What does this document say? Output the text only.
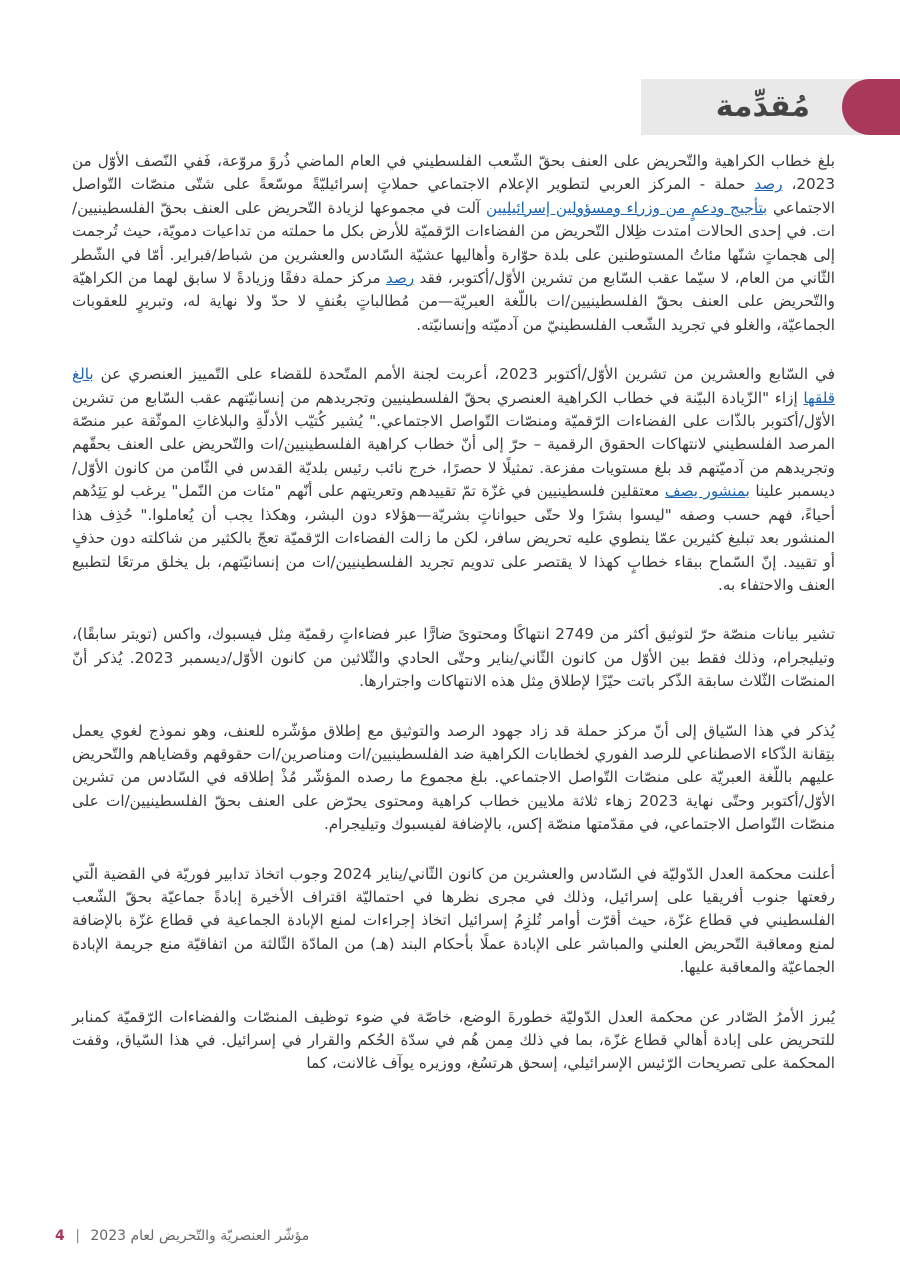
مُقدِّمة

بلغ خطاب الكراهية والتّحريض على العنف بحقّ الشّعب الفلسطيني في العام الماضي ذُروً مروّعة، فَفي النّصف الأوّل من 2023، رصد حملة - المركز العربي لتطوير الإعلام الاجتماعي حملاتٍ إسرائيليّةً موسّعةً على شتّى منصّات التّواصل الاجتماعي بتأجيج ودعمٍ من وزراء ومسؤولين إسرائيليين آلت في مجموعها لزيادة التّحريض على العنف بحقّ الفلسطينيين/ات. في إحدى الحالات امتدت ظِلال التّحريض من الفضاءات الرّقميّة للأرض بكل ما حملته من تداعيات دمويّة، حيث تُرجمت إلى هجماتٍ شنّها مئاتُ المستوطنين على بلدة حوّارة وأهاليها عشيّة السّادس والعشرين من شباط/فبراير. أمّا في الشّطر الثّاني من العام، لا سيّما عقب السّابع من تشرين الأوّل/أكتوبر، فقد رصد مركز حملة دفقًا وزيادةً لا سابق لهما من الكراهيّة والتّحريض على العنف بحقّ الفلسطينيين/ات باللّغة العبريّة—من مُطالباتٍ بعُنفٍ لا حدّ ولا نهاية له، وتبريرٍ للعقوبات الجماعيّة، والغلو في تجريد الشّعب الفلسطينيّ من آدميّته وإنسانيّته.

في السّابع والعشرين من تشرين الأوّل/أكتوبر 2023، أعربت لجنة الأمم المتّحدة للقضاء على التّمييز العنصري عن بالغ قلقها إزاء "الزّيادة البيّنة في خطاب الكراهية العنصري بحقّ الفلسطينيين وتجريدهم من إنسانيّتهم عقب السّابع من تشرين الأوّل/أكتوبر بالذّات على الفضاءات الرّقميّة ومنصّات التّواصل الاجتماعي." يُشير كُتيّب الأدلّةِ والبلاغاتِ الموثّقة عبر منصّة المرصد الفلسطيني لانتهاكات الحقوق الرقمية – حرّ إلى أنّ خطاب كراهية الفلسطينيين/ات والتّحريض على العنف بحقّهم وتجريدهم من آدميّتهم قد بلغ مستويات مفزعة. تمثيلًا لا حصرًا، خرج نائب رئيس بلديّة القدس في الثّامن من كانون الأوّل/ديسمبر علينا بمنشور يصف معتقلين فلسطينيين في غزّة تمّ تقييدهم وتعريتهم على أنّهم "مئات من النّمل" يرغب لو يَئِدُهم أحياءً، فهم حسب وصفه "ليسوا بشرًا ولا حتّى حيواناتٍ بشريّة—هؤلاء دون البشر، وهكذا يجب أن يُعاملوا." حُذِف هذا المنشور بعد تبليغ كثيرين عمّا ينطوي عليه تحريض سافر، لكن ما زالت الفضاءات الرّقميّة تعجّ بالكثير من شاكلته دون حذفٍ أو تقييد. إنّ السّماح ببقاء خطابٍ كهذا لا يقتصر على تدويم تجريد الفلسطينيين/ات من إنسانيّتهم، بل يخلق مرتعًا لتطبيع العنف والاحتفاء به.

تشير بيانات منصّة حرّ لتوثيق أكثر من 2749 انتهاكًا ومحتوىً ضارًّا عبر فضاءاتٍ رقميّة مِثل فيسبوك، واكس (تويتر سابقًا)، وتيليجرام، وذلك فقط بين الأوّل من كانون الثّاني/يناير وحتّى الحادي والثّلاثين من كانون الأوّل/ديسمبر 2023. يُذكر أنّ المنصّات الثّلاث سابقة الذّكر باتت حيّزًا لإطلاق مِثل هذه الانتهاكات واجترارها.

يُذكر في هذا السّياق إلى أنّ مركز حملة قد زاد جهود الرصد والتوثيق مع إطلاق مؤشّره للعنف، وهو نموذج لغوي يعمل بتِقانة الذّكاء الاصطناعي للرصد الفوري لخطابات الكراهية ضد الفلسطينيين/ات ومناصرين/ات حقوقهم وقضاياهم والتّحريض عليهم باللّغة العبريّة على منصّات التّواصل الاجتماعي. بلغ مجموع ما رصده المؤشّر مُذْ إطلاقه في السّادس من تشرين الأوّل/أكتوبر وحتّى نهاية 2023 زهاء ثلاثة ملايين خطاب كراهية ومحتوى يحرّض على العنف بحقّ الفلسطينيين/ات على منصّات التّواصل الاجتماعي، في مقدّمتها منصّة إكس، بالإضافة لفيسبوك وتيليجرام.

أعلنت محكمة العدل الدّوليّة في السّادس والعشرين من كانون الثّاني/يناير 2024 وجوب اتخاذ تدابير فوريّة في القضية الّتي رفعتها جنوب أفريقيا على إسرائيل، وذلك في مجرى نظرها في احتماليّة اقتراف الأخيرة إبادةً جماعيّة بحقّ الشّعب الفلسطيني في قطاع غزّة، حيث أقرّت أوامر تُلزِمُ إسرائيل اتخاذ إجراءات لمنع الإبادة الجماعية في قطاع غزّة بالإضافة لمنع ومعاقبة التّحريض العلني والمباشر على الإبادة عملًا بأحكام البند (هـ) من المادّة الثّالثة من اتفاقيّة منع جريمة الإبادة الجماعيّة والمعاقبة عليها.

يُبرز الأمرُ الصّادر عن محكمة العدل الدّوليّة خطورةَ الوضع، خاصّة في ضوء توظيف المنصّات والفضاءات الرّقميّة كمنابر للتحريض على إبادة أهالي قطاع غزّة، بما في ذلك مِمن هُم في سدّة الحُكم والقرار في إسرائيل. في هذا السّياق، وقفت المحكمة على تصريحات الرّئيس الإسرائيلي، إسحق هرتسُغ، ووزيره يوآف غالانت، كما

4 | مؤشّر العنصريّة والتّحريض لعام 2023
